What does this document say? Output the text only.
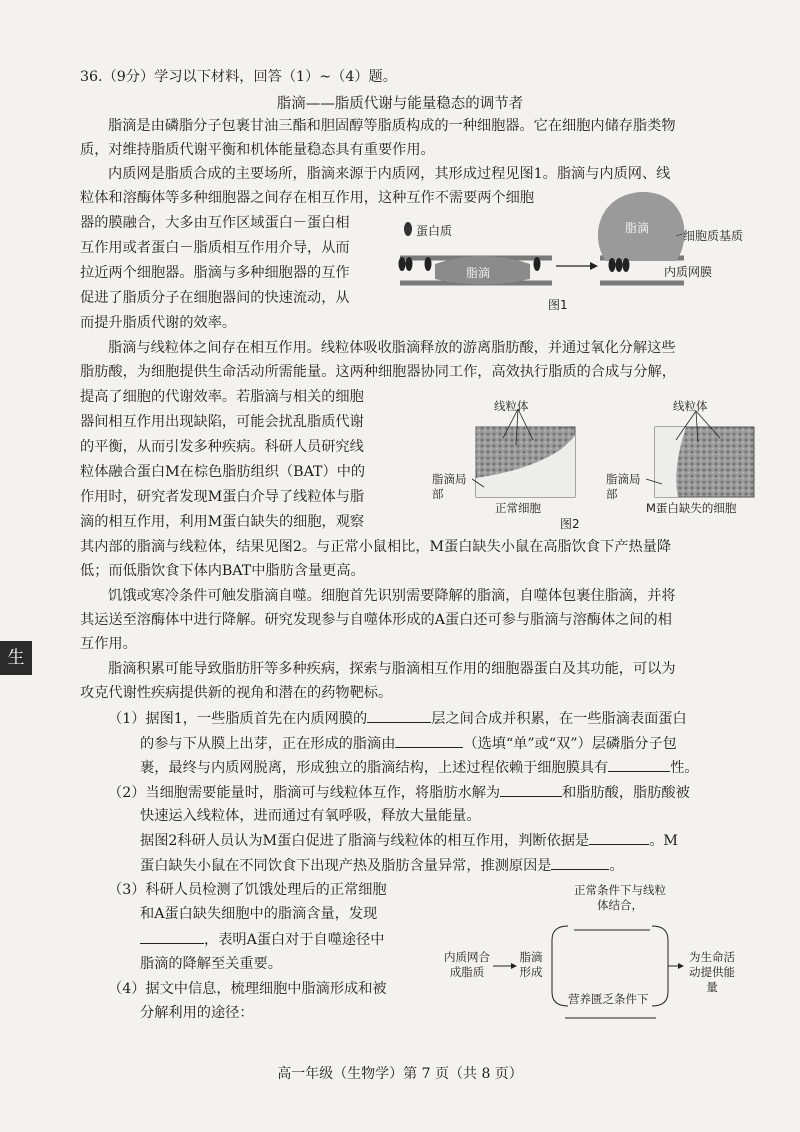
36.（9分）学习以下材料，回答（1）~（4）题。
脂滴——脂质代谢与能量稳态的调节者
脂滴是由磷脂分子包裹甘油三酯和胆固醇等脂质构成的一种细胞器。它在细胞内储存脂类物
质，对维持脂质代谢平衡和机体能量稳态具有重要作用。
内质网是脂质合成的主要场所，脂滴来源于内质网，其形成过程见图1。脂滴与内质网、线
粒体和溶酶体等多种细胞器之间存在相互作用，这种互作不需要两个细胞
器的膜融合，大多由互作区域蛋白－蛋白相
互作用或者蛋白－脂质相互作用介导，从而
拉近两个细胞器。脂滴与多种细胞器的互作
促进了脂质分子在细胞器间的快速流动，从
而提升脂质代谢的效率。
脂滴与线粒体之间存在相互作用。线粒体吸收脂滴释放的游离脂肪酸，并通过氧化分解这些
脂肪酸，为细胞提供生命活动所需能量。这两种细胞器协同工作，高效执行脂质的合成与分解，
提高了细胞的代谢效率。若脂滴与相关的细胞
器间相互作用出现缺陷，可能会扰乱脂质代谢
的平衡，从而引发多种疾病。科研人员研究线
粒体融合蛋白M在棕色脂肪组织（BAT）中的
作用时，研究者发现M蛋白介导了线粒体与脂
滴的相互作用，利用M蛋白缺失的细胞，观察
其内部的脂滴与线粒体，结果见图2。与正常小鼠相比，M蛋白缺失小鼠在高脂饮食下产热量降
低；而低脂饮食下体内BAT中脂肪含量更高。
饥饿或寒冷条件可触发脂滴自噬。细胞首先识别需要降解的脂滴，自噬体包裹住脂滴，并将
其运送至溶酶体中进行降解。研究发现参与自噬体形成的A蛋白还可参与脂滴与溶酶体之间的相
互作用。
脂滴积累可能导致脂肪肝等多种疾病，探索与脂滴相互作用的细胞器蛋白及其功能，可以为
攻克代谢性疾病提供新的视角和潜在的药物靶标。
生
蛋白质
脂滴
脂滴
细胞质基质
内质网膜
图1
线粒体
脂滴局部
正常细胞
线粒体
脂滴局部
M蛋白缺失的细胞
图2
（1）据图1，一些脂质首先在内质网膜的	层之间合成并积累，在一些脂滴表面蛋白
的参与下从膜上出芽，正在形成的脂滴由	（选填“单”或“双”）层磷脂分子包
裹，最终与内质网脱离，形成独立的脂滴结构，上述过程依赖于细胞膜具有	性。
（2）当细胞需要能量时，脂滴可与线粒体互作，将脂肪水解为	和脂肪酸，脂肪酸被
快速运入线粒体，进而通过有氧呼吸，释放大量能量。
据图2科研人员认为M蛋白促进了脂滴与线粒体的相互作用，判断依据是	。M
蛋白缺失小鼠在不同饮食下出现产热及脂肪含量异常，推测原因是	。
（3）科研人员检测了饥饿处理后的正常细胞
和A蛋白缺失细胞中的脂滴含量，发现
，表明A蛋白对于自噬途径中
脂滴的降解至关重要。
（4）据文中信息，梳理细胞中脂滴形成和被
分解利用的途径：
正常条件下与线粒体结合，
内质网合成脂质
脂滴形成
营养匮乏条件下
为生命活动提供能量
高一年级（生物学）第 7 页（共 8 页）
